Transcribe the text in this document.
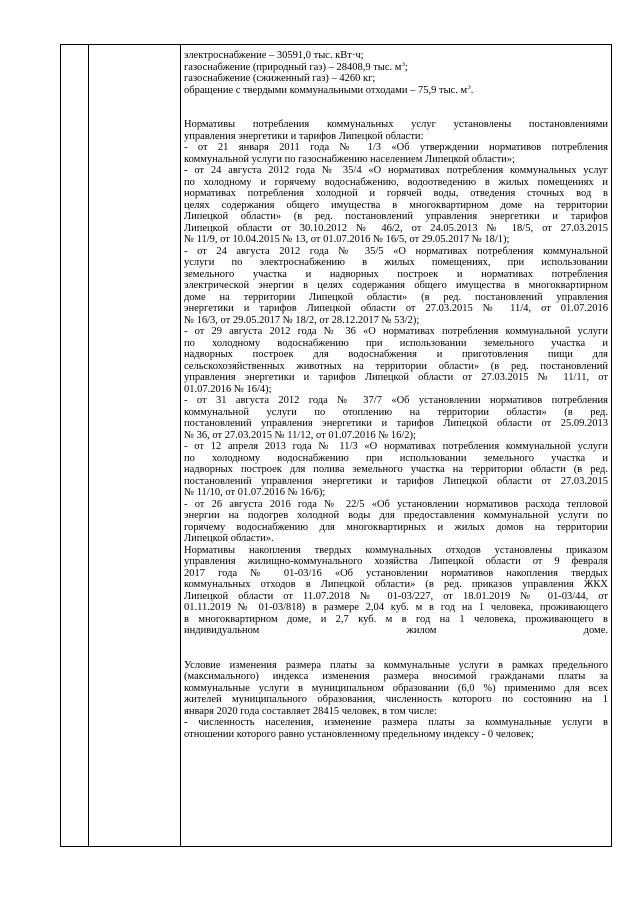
электроснабжение – 30591,0 тыс. кВт·ч;
газоснабжение (природный газ) – 28408,9 тыс. $м^3$;
газоснабжение (сжиженный газ) – 4260 кг;
обращение с твердыми коммунальными отходами – 75,9 тыс. $м^3$.
Нормативы потребления коммунальных услуг установлены постановлениями
управления энергетики и тарифов Липецкой области:
- от 21 января 2011 года № 1/3 «Об утверждении нормативов потребления
коммунальной услуги по газоснабжению населением Липецкой области»;
- от 24 августа 2012 года № 35/4 «О нормативах потребления коммунальных услуг
по холодному и горячему водоснабжению, водоотведению в жилых помещениях и
нормативах потребления холодной и горячей воды, отведения сточных вод в
целях содержания общего имущества в многоквартирном доме на территории
Липецкой области» (в ред. постановлений управления энергетики и тарифов
Липецкой области от 30.10.2012 № 46/2, от 24.05.2013 № 18/5, от 27.03.2015
№ 11/9, от 10.04.2015 № 13, от 01.07.2016 № 16/5, от 29.05.2017 № 18/1);
- от 24 августа 2012 года № 35/5 «О нормативах потребления коммунальной
услуги по электроснабжению в жилых помещениях, при использовании
земельного участка и надворных построек и нормативах потребления
электрической энергии в целях содержания общего имущества в многоквартирном
доме на территории Липецкой области» (в ред. постановлений управления
энергетики и тарифов Липецкой области от 27.03.2015 № 11/4, от 01.07.2016
№ 16/3, от 29.05.2017 № 18/2, от 28.12.2017 № 53/2);
- от 29 августа 2012 года № 36 «О нормативах потребления коммунальной услуги
по холодному водоснабжению при использовании земельного участка и
надворных построек для водоснабжения и приготовления пищи для
сельскохозяйственных животных на территории области» (в ред. постановлений
управления энергетики и тарифов Липецкой области от 27.03.2015 № 11/11, от
01.07.2016 № 16/4);
- от 31 августа 2012 года № 37/7 «Об установлении нормативов потребления
коммунальной услуги по отоплению на территории области» (в ред.
постановлений управления энергетики и тарифов Липецкой области от 25.09.2013
№ 36, от 27.03.2015 № 11/12, от 01.07.2016 № 16/2);
- от 12 апреля 2013 года № 11/3 «О нормативах потребления коммунальной услуги
по холодному водоснабжению при использовании земельного участка и
надворных построек для полива земельного участка на территории области (в ред.
постановлений управления энергетики и тарифов Липецкой области от 27.03.2015
№ 11/10, от 01.07.2016 № 16/6);
- от 26 августа 2016 года № 22/5 «Об установлении нормативов расхода тепловой
энергии на подогрев холодной воды для предоставления коммунальной услуги по
горячему водоснабжению для многоквартирных и жилых домов на территории
Липецкой области».
Нормативы накопления твердых коммунальных отходов установлены приказом
управления жилищно-коммунального хозяйства Липецкой области от 9 февраля
2017 года № 01-03/16 «Об установлении нормативов накопления твердых
коммунальных отходов в Липецкой области» (в ред. приказов управления ЖКХ
Липецкой области от 11.07.2018 № 01-03/227, от 18.01.2019 № 01-03/44, от
01.11.2019 № 01-03/818) в размере 2,04 куб. м в год на 1 человека, проживающего
в многоквартирном доме, и 2,7 куб. м в год на 1 человека, проживающего в
индивидуальном жилом доме.
Условие изменения размера платы за коммунальные услуги в рамках предельного
(максимального) индекса изменения размера вносимой гражданами платы за
коммунальные услуги в муниципальном образовании (6,0 %) применимо для всех
жителей муниципального образования, численность которого по состоянию на 1
января 2020 года составляет 28415 человек, в том числе:
- численность населения, изменение размера платы за коммунальные услуги в
отношении которого равно установленному предельному индексу - 0 человек;
